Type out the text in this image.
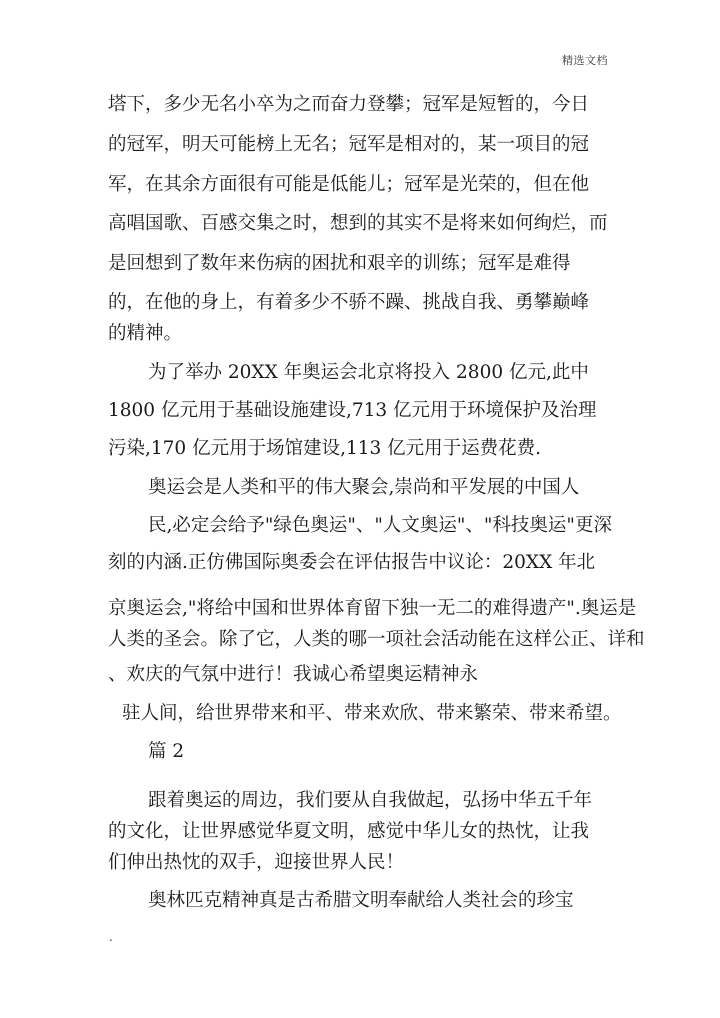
精选文档
塔下，多少无名小卒为之而奋力登攀；冠军是短暂的，今日
的冠军，明天可能榜上无名；冠军是相对的，某一项目的冠
军，在其余方面很有可能是低能儿；冠军是光荣的，但在他
高唱国歌、百感交集之时，想到的其实不是将来如何绚烂，而
是回想到了数年来伤病的困扰和艰辛的训练；冠军是难得
的，在他的身上，有着多少不骄不躁、挑战自我、勇攀巅峰
的精神。
为了举办 20XX 年奥运会北京将投入 2800 亿元,此中
1800 亿元用于基础设施建设,713 亿元用于环境保护及治理
污染,170 亿元用于场馆建设,113 亿元用于运费花费.
奥运会是人类和平的伟大聚会,崇尚和平发展的中国人
民,必定会给予"绿色奥运"、"人文奥运"、"科技奥运"更深
刻的内涵.正仿佛国际奥委会在评估报告中议论：20XX 年北
京奥运会,"将给中国和世界体育留下独一无二的难得遗产".奥运是
人类的圣会。除了它，人类的哪一项社会活动能在这样公正、详和
、欢庆的气氛中进行！我诚心希望奥运精神永
驻人间，给世界带来和平、带来欢欣、带来繁荣、带来希望。
篇 2
跟着奥运的周边，我们要从自我做起，弘扬中华五千年
的文化，让世界感觉华夏文明，感觉中华儿女的热忱，让我
们伸出热忱的双手，迎接世界人民！
奥林匹克精神真是古希腊文明奉献给人类社会的珍宝
.
